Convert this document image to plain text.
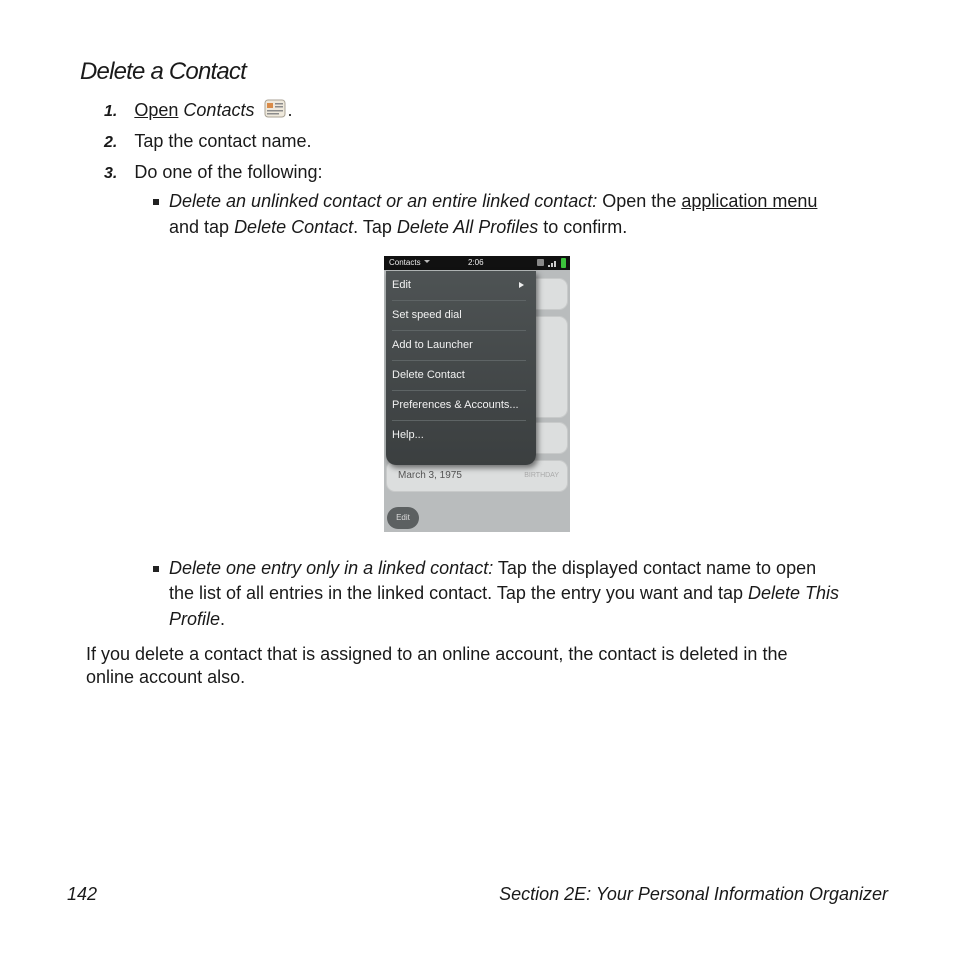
Delete a Contact
1. Open Contacts .
2. Tap the contact name.
3. Do one of the following:
Delete an unlinked contact or an entire linked contact: Open the application menu
and tap Delete Contact. Tap Delete All Profiles to confirm.
Contacts	2:06
March 3, 1975	BIRTHDAY
Edit
Set speed dial
Add to Launcher
Delete Contact
Preferences & Accounts...
Help...
Edit
Delete one entry only in a linked contact: Tap the displayed contact name to open
the list of all entries in the linked contact. Tap the entry you want and tap Delete This
Profile.
If you delete a contact that is assigned to an online account, the contact is deleted in the
online account also.
142	Section 2E: Your Personal Information Organizer
